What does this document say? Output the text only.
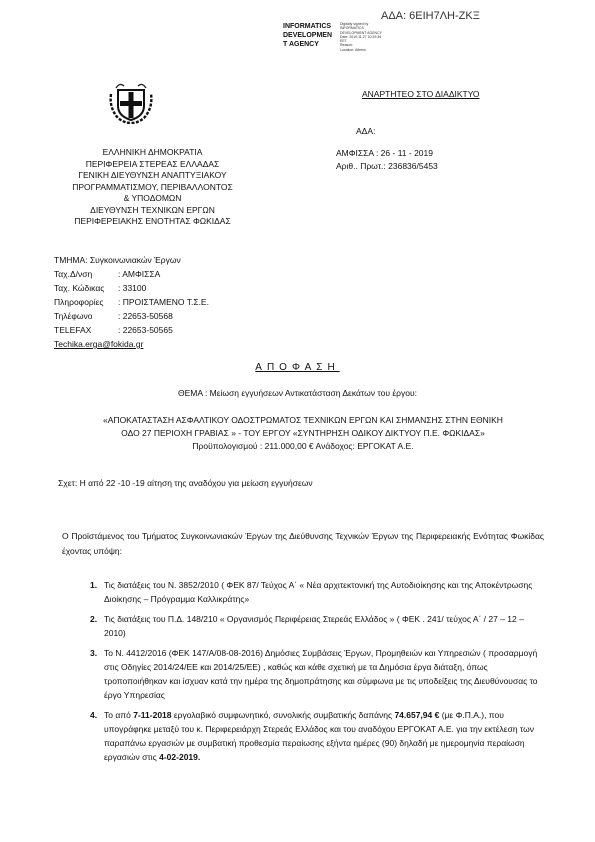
ΑΔΑ: 6ΕΙΗ7ΛΗ-ΖΚΞ
INFORMATICS
DEVELOPMEN
T AGENCY
Digitally signed by
INFORMATICS
DEVELOPMENT AGENCY
Date: 2019.11.27 10:29:36
EET
Reason:
Location: Athens
ΑΝΑΡΤΗΤΕΟ ΣΤΟ ΔΙΑΔΙΚΤΥΟ
ΑΔΑ:
ΑΜΦΙΣΣΑ : 26 - 11 - 2019
Αριθ.. Πρωτ.: 236836/5453
ΕΛΛΗΝΙΚΗ ΔΗΜΟΚΡΑΤΙΑ
ΠΕΡΙΦΕΡΕΙΑ ΣΤΕΡΕΑΣ ΕΛΛΑΔΑΣ
ΓΕΝΙΚΗ ΔΙΕΥΘΥΝΣΗ ΑΝΑΠΤΥΞΙΑΚΟΥ
ΠΡΟΓΡΑΜΜΑΤΙΣΜΟΥ, ΠΕΡΙΒΑΛΛΟΝΤΟΣ
& ΥΠΟΔΟΜΩΝ
ΔΙΕΥΘΥΝΣΗ ΤΕΧΝΙΚΩΝ ΕΡΓΩΝ
ΠΕΡΙΦΕΡΕΙΑΚΗΣ ΕΝΟΤΗΤΑΣ ΦΩΚΙΔΑΣ
ΤΜΗΜΑ: Συγκοινωνιακών Έργων
Ταχ.Δ/νση	: ΑΜΦΙΣΣΑ
Ταχ. Κώδικας : 33100
Πληροφορίες : ΠΡΟΙΣΤΑΜΕΝΟ Τ.Σ.Ε.
Τηλέφωνο	: 22653-50568
TELEFAX	: 22653-50565
Techika.erga@fokida.gr
ΑΠΟΦΑΣΗ
ΘΕΜΑ : Μείωση εγγυήσεων Αντικατάσταση Δεκάτων του έργου:
«ΑΠΟΚΑΤΑΣΤΑΣΗ ΑΣΦΑΛΤΙΚΟΥ ΟΔΟΣΤΡΩΜΑΤΟΣ ΤΕΧΝΙΚΩΝ ΕΡΓΩΝ ΚΑΙ ΣΗΜΑΝΣΗΣ ΣΤΗΝ ΕΘΝΙΚΗ
ΟΔΟ 27 ΠΕΡΙΟΧΗ ΓΡΑΒΙΑΣ » - ΤΟΥ ΕΡΓΟΥ «ΣΥΝΤΗΡΗΣΗ ΟΔΙΚΟΥ ΔΙΚΤΥΟΥ Π.Ε. ΦΩΚΙΔΑΣ»
Προϋπολογισμού : 211.000,00 € Ανάδοχος: ΕΡΓΟΚΑΤ Α.Ε.
Σχετ: Η από 22 -10 -19 αίτηση της αναδόχου για μείωση εγγυήσεων
Ο Προϊστάμενος του Τμήματος Συγκοινωνιακών Έργων της Διεύθυνσης Τεχνικών Έργων της Περιφερειακής Ενότητας Φωκίδας έχοντας υπόψη:
1. Τις διατάξεις του Ν. 3852/2010 ( ΦΕΚ 87/ Τεύχος Α΄ « Νέα αρχιτεκτονική της Αυτοδιοίκησης και της Αποκέντρωσης Διοίκησης – Πρόγραμμα Καλλικράτης»
2. Τις διατάξεις του Π.Δ. 148/210 « Οργανισμός Περιφέρειας Στερεάς Ελλάδος » ( ΦΕΚ . 241/ τεύχος Α΄ / 27 – 12 – 2010)
3. Το Ν. 4412/2016 (ΦΕΚ 147/Α/08-08-2016) Δημόσιες Συμβάσεις Έργων, Προμηθειών και Υπηρεσιών ( προσαρμογή στις Οδηγίες 2014/24/ΕΕ και 2014/25/ΕΕ) , καθώς και κάθε σχετική με τα Δημόσια έργα διάταξη, όπως τροποποιήθηκαν και ίσχυαν κατά την ημέρα της δημοπράτησης και σύμφωνα με τις υποδείξεις της Διευθύνουσας το έργο Υπηρεσίας
4. Το από 7-11-2018 εργολαβικό συμφωνητικό, συνολικής συμβατικής δαπάνης 74.657,94 € (με Φ.Π.Α.), που υπογράφηκε μεταξύ του κ. Περιφερειάρχη Στερεάς Ελλάδος και του αναδόχου ΕΡΓΟΚΑΤ Α.Ε. για την εκτέλεση των παραπάνω εργασιών με συμβατική προθεσμία περαίωσης εξήντα ημέρες (90) δηλαδή με ημερομηνία περαίωση εργασιών στις 4-02-2019.
